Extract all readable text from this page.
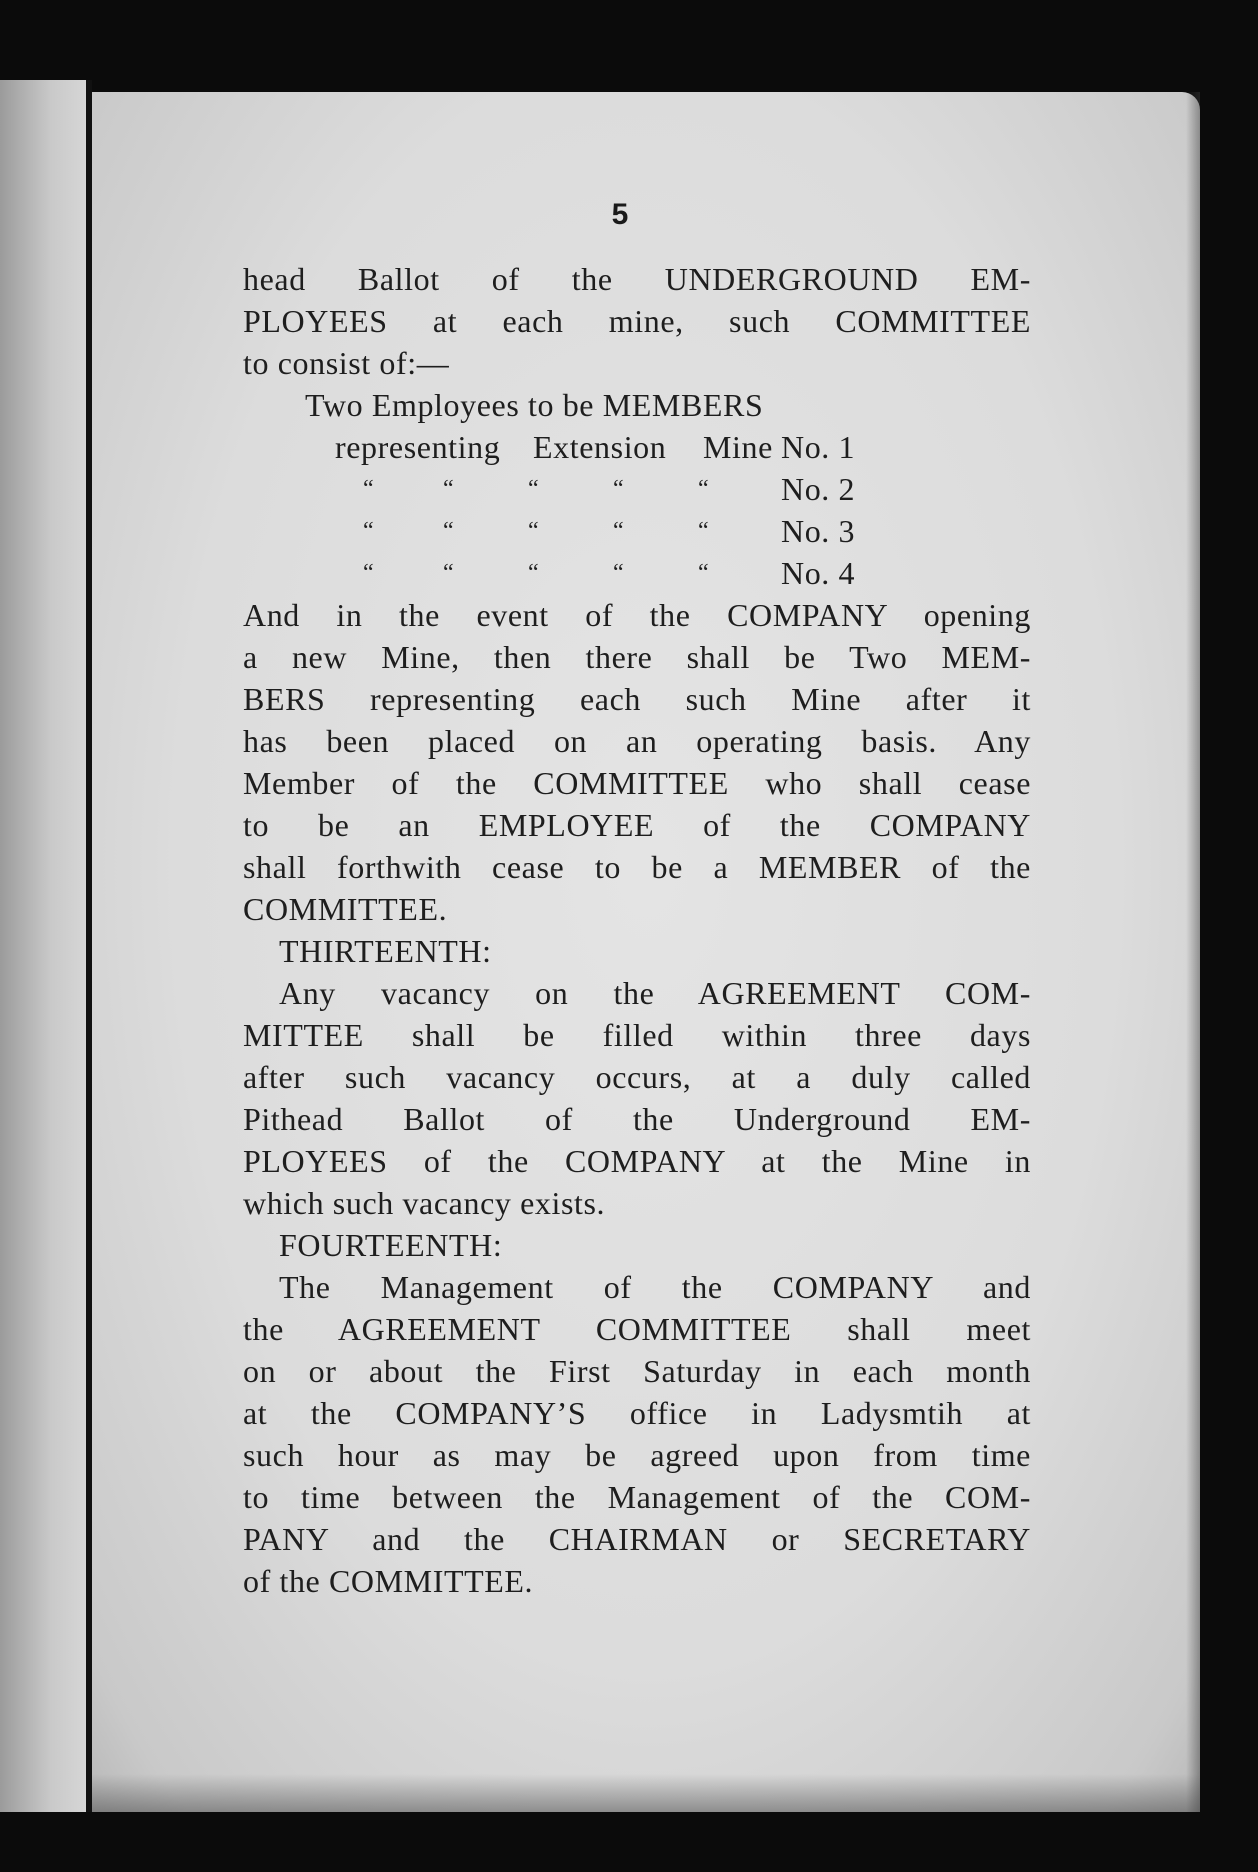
5
head Ballot of the UNDERGROUND EM-
PLOYEES at each mine, such COMMITTEE
to consist of:—
Two Employees to be MEMBERS
representing Extension Mine No. 1
“	“	“	“	“ No. 2
“	“	“	“	“ No. 3
“	“	“	“	“ No. 4
And in the event of the COMPANY opening
a new Mine, then there shall be Two MEM-
BERS representing each such Mine after it
has been placed on an operating basis. Any
Member of the COMMITTEE who shall cease
to be an EMPLOYEE of the COMPANY
shall forthwith cease to be a MEMBER of the
COMMITTEE.
THIRTEENTH:
Any vacancy on the AGREEMENT COM-
MITTEE shall be filled within three days
after such vacancy occurs, at a duly called
Pithead Ballot of the Underground EM-
PLOYEES of the COMPANY at the Mine in
which such vacancy exists.
FOURTEENTH:
The Management of the COMPANY and
the AGREEMENT COMMITTEE shall meet
on or about the First Saturday in each month
at the COMPANY’S office in Ladysmtih at
such hour as may be agreed upon from time
to time between the Management of the COM-
PANY and the CHAIRMAN or SECRETARY
of the COMMITTEE.
